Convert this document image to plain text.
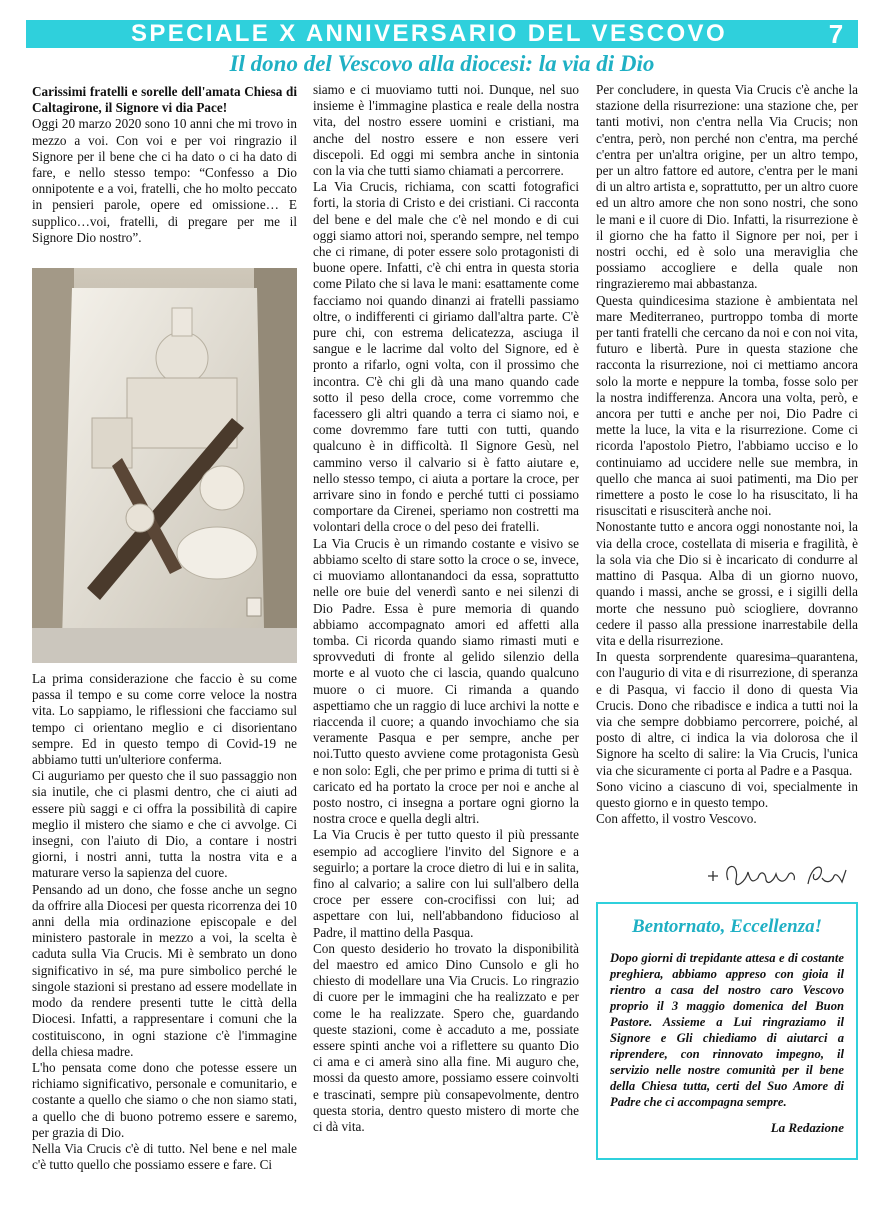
SPECIALE X ANNIVERSARIO DEL VESCOVO	7
Il dono del Vescovo alla diocesi: la via di Dio

Carissimi fratelli e sorelle dell'amata Chiesa di Caltagirone, il Signore vi dia Pace!

Oggi 20 marzo 2020 sono 10 anni che mi trovo in mezzo a voi. Con voi e per voi ringrazio il Signore per il bene che ci ha dato o ci ha dato di fare, e nello stesso tempo: “Confesso a Dio onnipotente e a voi, fratelli, che ho molto peccato in pensieri parole, opere ed omissione… E supplico…voi, fratelli, di pregare per me il Signore Dio nostro”.

La prima considerazione che faccio è su come passa il tempo e su come corre veloce la nostra vita. Lo sappiamo, le riflessioni che facciamo sul tempo ci orientano meglio e ci disorientano sempre. Ed in questo tempo di Covid-19 ne abbiamo tutti un'ulteriore conferma.

Ci auguriamo per questo che il suo passaggio non sia inutile, che ci plasmi dentro, che ci aiuti ad essere più saggi e ci offra la possibilità di capire meglio il mistero che siamo e che ci avvolge. Ci insegni, con l'aiuto di Dio, a contare i nostri giorni, i nostri anni, tutta la nostra vita e a maturare verso la sapienza del cuore.

Pensando ad un dono, che fosse anche un segno da offrire alla Diocesi per questa ricorrenza dei 10 anni della mia ordinazione episcopale e del ministero pastorale in mezzo a voi, la scelta è caduta sulla Via Crucis. Mi è sembrato un dono significativo in sé, ma pure simbolico perché le singole stazioni si prestano ad essere modellate in modo da rendere presenti tutte le città della Diocesi. Infatti, a rappresentare i comuni che la costituiscono, in ogni stazione c'è l'immagine della chiesa madre.

L'ho pensata come dono che potesse essere un richiamo significativo, personale e comunitario, e costante a quello che siamo o che non siamo stati, a quello che di buono potremo essere e saremo, per grazia di Dio.

Nella Via Crucis c'è di tutto. Nel bene e nel male c'è tutto quello che possiamo essere e fare. Ci

siamo e ci muoviamo tutti noi. Dunque, nel suo insieme è l'immagine plastica e reale della nostra vita, del nostro essere uomini e cristiani, ma anche del nostro essere e non essere veri discepoli. Ed oggi mi sembra anche in sintonia con la via che tutti siamo chiamati a percorrere.

La Via Crucis, richiama, con scatti fotografici forti, la storia di Cristo e dei cristiani. Ci racconta del bene e del male che c'è nel mondo e di cui oggi siamo attori noi, sperando sempre, nel tempo che ci rimane, di poter essere solo protagonisti di buone opere. Infatti, c'è chi entra in questa storia come Pilato che si lava le mani: esattamente come facciamo noi quando dinanzi ai fratelli passiamo oltre, o indifferenti ci giriamo dall'altra parte. C'è pure chi, con estrema delicatezza, asciuga il sangue e le lacrime dal volto del Signore, ed è pronto a rifarlo, ogni volta, con il prossimo che incontra. C'è chi gli dà una mano quando cade sotto il peso della croce, come vorremmo che facessero gli altri quando a terra ci siamo noi, e come dovremmo fare tutti con tutti, quando qualcuno è in difficoltà. Il Signore Gesù, nel cammino verso il calvario si è fatto aiutare e, nello stesso tempo, ci aiuta a portare la croce, per arrivare sino in fondo e perché tutti ci possiamo comportare da Cirenei, speriamo non costretti ma volontari della croce o del peso dei fratelli.

La Via Crucis è un rimando costante e visivo se abbiamo scelto di stare sotto la croce o se, invece, ci muoviamo allontanandoci da essa, soprattutto nelle ore buie del venerdì santo e nei silenzi di Dio Padre. Essa è pure memoria di quando abbiamo accompagnato amori ed affetti alla tomba. Ci ricorda quando siamo rimasti muti e sprovveduti di fronte al gelido silenzio della morte e al vuoto che ci lascia, quando qualcuno muore o ci muore. Ci rimanda a quando aspettiamo che un raggio di luce archivi la notte e riaccenda il cuore; a quando invochiamo che sia veramente Pasqua e per sempre, anche per noi.Tutto questo avviene come protagonista Gesù e non solo: Egli, che per primo e prima di tutti si è caricato ed ha portato la croce per noi e anche al posto nostro, ci insegna a portare ogni giorno la nostra croce e quella degli altri.

La Via Crucis è per tutto questo il più pressante esempio ad accogliere l'invito del Signore e a seguirlo; a portare la croce dietro di lui e in salita, fino al calvario; a salire con lui sull'albero della croce per essere con-crocifissi con lui; ad aspettare con lui, nell'abbandono fiducioso al Padre, il mattino della Pasqua.

Con questo desiderio ho trovato la disponibilità del maestro ed amico Dino Cunsolo e gli ho chiesto di modellare una Via Crucis. Lo ringrazio di cuore per le immagini che ha realizzato e per come le ha realizzate. Spero che, guardando queste stazioni, come è accaduto a me, possiate essere spinti anche voi a riflettere su quanto Dio ci ama e ci amerà sino alla fine. Mi auguro che, mossi da questo amore, possiamo essere coinvolti e trascinati, sempre più consapevolmente, dentro questa storia, dentro questo mistero di morte che ci dà vita.

Per concludere, in questa Via Crucis c'è anche la stazione della risurrezione: una stazione che, per tanti motivi, non c'entra nella Via Crucis; non c'entra, però, non perché non c'entra, ma perché c'entra per un'altra origine, per un altro tempo, per un altro fattore ed autore, c'entra per le mani di un altro artista e, soprattutto, per un altro cuore ed un altro amore che non sono nostri, che sono le mani e il cuore di Dio. Infatti, la risurrezione è il giorno che ha fatto il Signore per noi, per i nostri occhi, ed è solo una meraviglia che possiamo accogliere e della quale non ringrazieremo mai abbastanza.

Questa quindicesima stazione è ambientata nel mare Mediterraneo, purtroppo tomba di morte per tanti fratelli che cercano da noi e con noi vita, futuro e libertà. Pure in questa stazione che racconta la risurrezione, noi ci mettiamo ancora solo la morte e neppure la tomba, fosse solo per la nostra indifferenza. Ancora una volta, però, e ancora per tutti e anche per noi, Dio Padre ci mette la luce, la vita e la risurrezione. Come ci ricorda l'apostolo Pietro, l'abbiamo ucciso e lo continuiamo ad uccidere nelle sue membra, in quello che manca ai suoi patimenti, ma Dio per rimettere a posto le cose lo ha risuscitato, li ha risuscitati e risusciterà anche noi.

Nonostante tutto e ancora oggi nonostante noi, la via della croce, costellata di miseria e fragilità, è la sola via che Dio si è incaricato di condurre al mattino di Pasqua. Alba di un giorno nuovo, quando i massi, anche se grossi, e i sigilli della morte che nessuno può sciogliere, dovranno cedere il passo alla pressione inarrestabile della vita e della risurrezione.

In questa sorprendente quaresima–quarantena, con l'augurio di vita e di risurrezione, di speranza e di Pasqua, vi faccio il dono di questa Via Crucis. Dono che ribadisce e indica a tutti noi la via che sempre dobbiamo percorrere, poiché, al posto di altre, ci indica la via dolorosa che il Signore ha scelto di salire: la Via Crucis, l'unica via che sicuramente ci porta al Padre e a Pasqua.

Sono vicino a ciascuno di voi, specialmente in questo giorno e in questo tempo.

Con affetto, il vostro Vescovo.

Bentornato, Eccellenza!
Dopo giorni di trepidante attesa e di costante preghiera, abbiamo appreso con gioia il rientro a casa del nostro caro Vescovo proprio il 3 maggio domenica del Buon Pastore. Assieme a Lui ringraziamo il Signore e Gli chiediamo di aiutarci a riprendere, con rinnovato impegno, il servizio nelle nostre comunità per il bene della Chiesa tutta, certi del Suo Amore di Padre che ci accompagna sempre.
La Redazione
